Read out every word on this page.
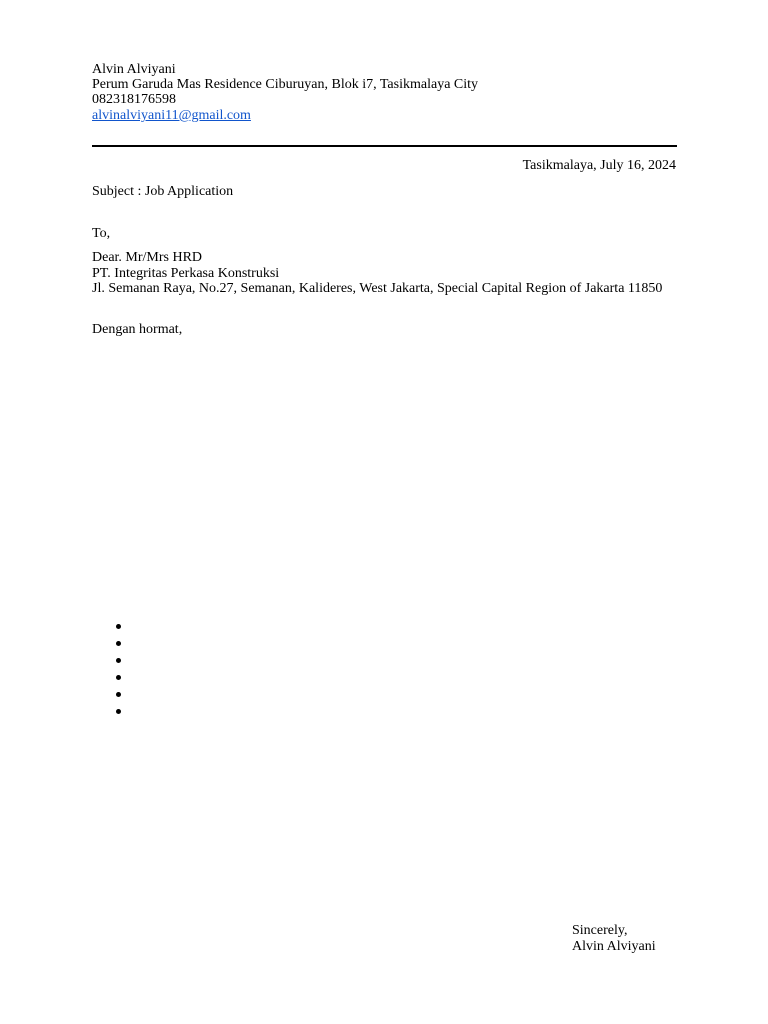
Alvin Alviyani
Perum Garuda Mas Residence Ciburuyan, Blok i7, Tasikmalaya City
082318176598
alvinalviyani11@gmail.com
Tasikmalaya, July 16, 2024
Subject : Job Application
To,
Dear. Mr/Mrs HRD
PT. Integritas Perkasa Konstruksi
Jl. Semanan Raya, No.27, Semanan, Kalideres, West Jakarta, Special Capital Region of Jakarta 11850
Dengan hormat,
Sincerely,
Alvin Alviyani
